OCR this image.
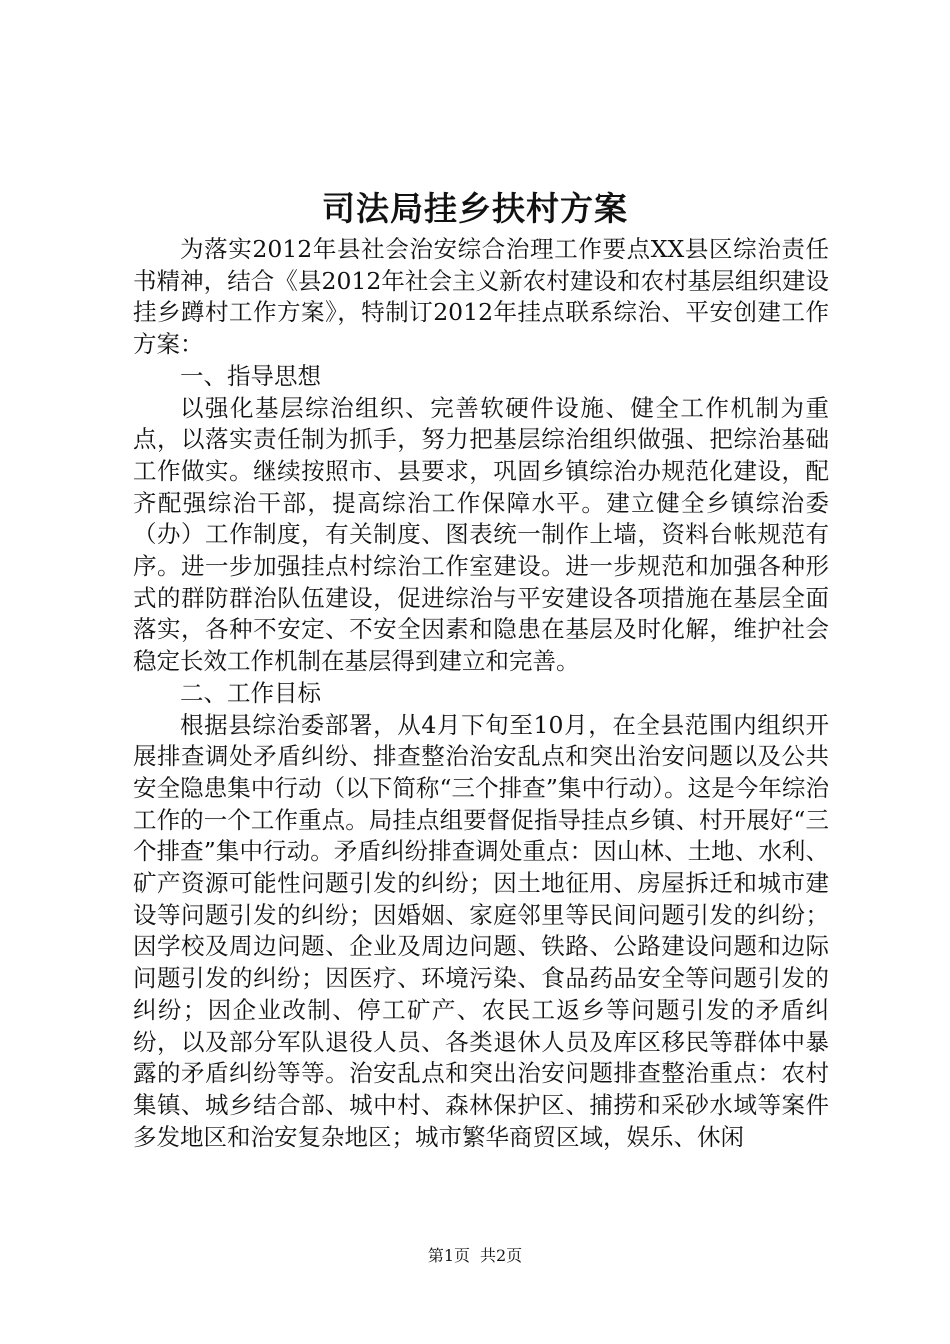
司法局挂乡扶村方案

为落实2012年县社会治安综合治理工作要点XX县区综治责任书精神，结合《县2012年社会主义新农村建设和农村基层组织建设挂乡蹲村工作方案》，特制订2012年挂点联系综治、平安创建工作方案：

一、指导思想

以强化基层综治组织、完善软硬件设施、健全工作机制为重点，以落实责任制为抓手，努力把基层综治组织做强、把综治基础工作做实。继续按照市、县要求，巩固乡镇综治办规范化建设，配齐配强综治干部，提高综治工作保障水平。建立健全乡镇综治委（办）工作制度，有关制度、图表统一制作上墙，资料台帐规范有序。进一步加强挂点村综治工作室建设。进一步规范和加强各种形式的群防群治队伍建设，促进综治与平安建设各项措施在基层全面落实，各种不安定、不安全因素和隐患在基层及时化解，维护社会稳定长效工作机制在基层得到建立和完善。

二、工作目标

根据县综治委部署，从4月下旬至10月，在全县范围内组织开展排查调处矛盾纠纷、排查整治治安乱点和突出治安问题以及公共安全隐患集中行动（以下简称“三个排查”集中行动）。这是今年综治工作的一个工作重点。局挂点组要督促指导挂点乡镇、村开展好“三个排查”集中行动。矛盾纠纷排查调处重点：因山林、土地、水利、矿产资源可能性问题引发的纠纷；因土地征用、房屋拆迁和城市建设等问题引发的纠纷；因婚姻、家庭邻里等民间问题引发的纠纷；因学校及周边问题、企业及周边问题、铁路、公路建设问题和边际问题引发的纠纷；因医疗、环境污染、食品药品安全等问题引发的纠纷；因企业改制、停工矿产、农民工返乡等问题引发的矛盾纠纷，以及部分军队退役人员、各类退休人员及库区移民等群体中暴露的矛盾纠纷等等。治安乱点和突出治安问题排查整治重点：农村集镇、城乡结合部、城中村、森林保护区、捕捞和采砂水域等案件多发地区和治安复杂地区；城市繁华商贸区域，娱乐、休闲

第1页 共2页
